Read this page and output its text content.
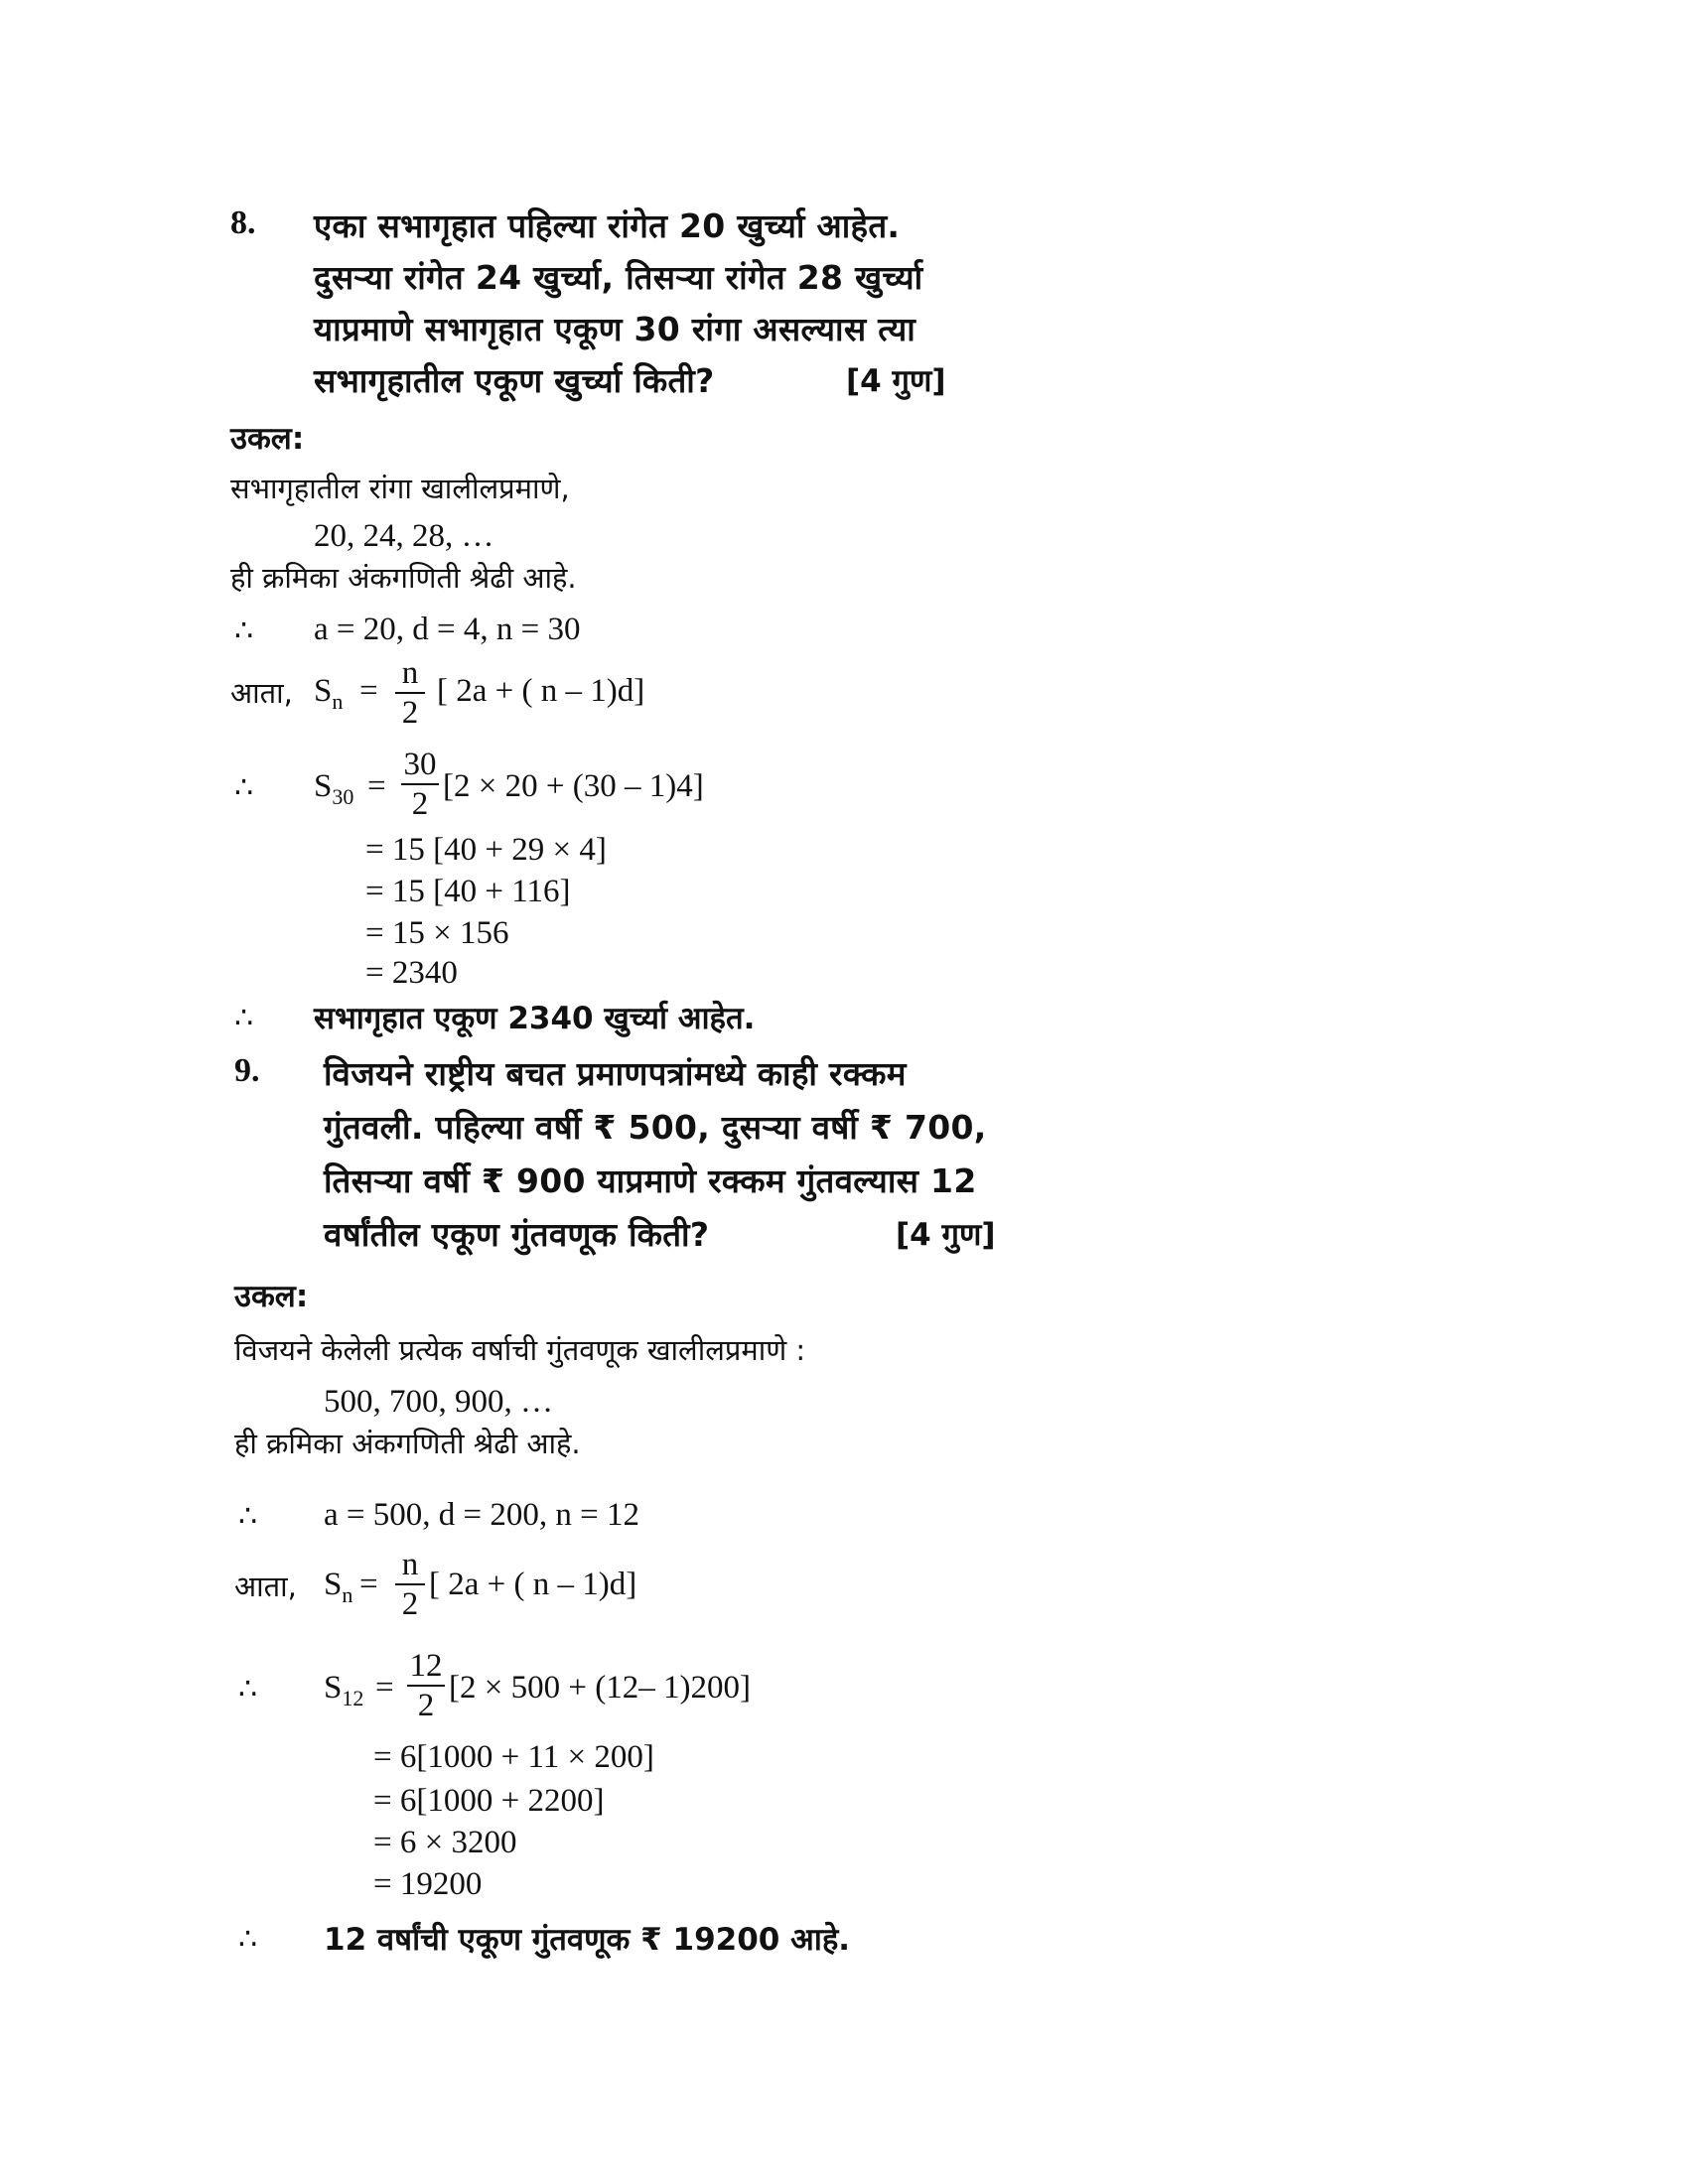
8. एका सभागृहात पहिल्या रांगेत 20 खुर्च्या आहेत.
दुसऱ्या रांगेत 24 खुर्च्या, तिसऱ्या रांगेत 28 खुर्च्या
याप्रमाणे सभागृहात एकूण 30 रांगा असल्यास त्या
सभागृहातील एकूण खुर्च्या किती?	[4 गुण]
उकल:
सभागृहातील रांगा खालीलप्रमाणे,
20, 24, 28, …
ही क्रमिका अंकगणिती श्रेढी आहे.
∴ a = 20, d = 4, n = 30
आता, $S_n = n$
2
[ 2a + ( n – 1)d]
∴ $S_{30}$ =
30
2 [2 × 20 + (30 – 1)4]
= 15 [40 + 29 × 4]
= 15 [40 + 116]
= 15 × 156
= 2340
∴ सभागृहात एकूण 2340 खुर्च्या आहेत.
9. विजयने राष्ट्रीय बचत प्रमाणपत्रांमध्ये काही रक्कम
गुंतवली. पहिल्या वर्षी ₹ 500, दुसऱ्या वर्षी ₹ 700,
तिसऱ्या वर्षी ₹ 900 याप्रमाणे रक्कम गुंतवल्यास 12
वर्षांतील एकूण गुंतवणूक किती?	[4 गुण]
उकल:
विजयने केलेली प्रत्येक वर्षाची गुंतवणूक खालीलप्रमाणे :
500, 700, 900, …
ही क्रमिका अंकगणिती श्रेढी आहे.
∴ a = 500, d = 200, n = 12
आता, $S_n$ =
n
2
[ 2a + ( n – 1)d]
∴ $S_{12}$ =
12
2 [2 × 500 + (12– 1)200]
= 6[1000 + 11 × 200]
= 6[1000 + 2200]
= 6 × 3200
= 19200
∴ 12 वर्षांची एकूण गुंतवणूक ₹ 19200 आहे.
